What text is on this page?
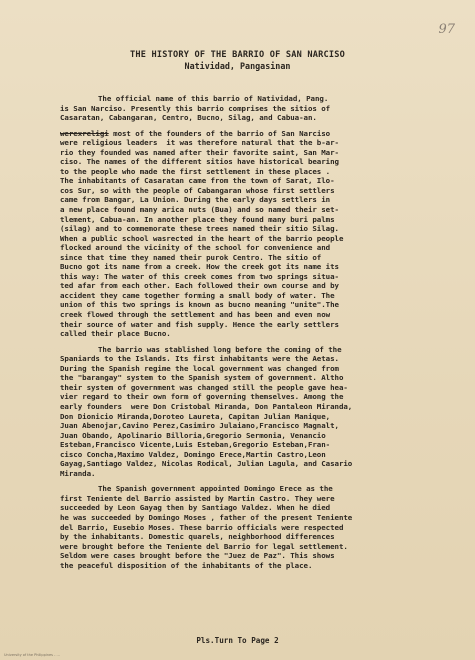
97
THE HISTORY OF THE BARRIO OF SAN NARCISO
Natividad, Pangasinan
The official name of this barrio of Natividad, Pang.
is San Narciso. Presently this barrio comprises the sitios of
Casaratan, Cabangaran, Centro, Bucno, Silag, and Cabua-an.
werexreligi most of the founders of the barrio of San Narciso
were religious leaders  it was therefore natural that the b-ar-
rio they founded was named after their favorite saint, San Mar-
ciso. The names of the different sitios have historical bearing
to the people who made the first settlement in these places .
The inhabitants of Casaratan came from the town of Sarat, Ilo-
cos Sur, so with the people of Cabangaran whose first settlers
came from Bangar, La Union. During the early days settlers in
a new place found many arica nuts (Bua) and so named their set-
tlement, Cabua-an. In another place they found many buri palms
(silag) and to commemorate these trees named their sitio Silag.
When a public school wasrected in the heart of the barrio people
flocked around the vicinity of the school for convenience and
since that time they named their purok Centro. The sitio of
Bucno got its name from a creek. How the creek got its name its
this way: The water of this creek comes from two springs situa-
ted afar from each other. Each followed their own course and by
accident they came together forming a small body of water. The
union of this two springs is known as bucno meaning "unite".The
creek flowed through the settlement and has been and even now
their source of water and fish supply. Hence the early settlers
called their place Bucno.
The barrio was stablished long before the coming of the
Spaniards to the Islands. Its first inhabitants were the Aetas.
During the Spanish regime the local government was changed from
the "barangay" system to the Spanish system of government. Altho
their system of government was changed still the people gave hea-
vier regard to their own form of governing themselves. Among the
early founders  were Don Cristobal Miranda, Don Pantaleon Miranda,
Don Dionicio Miranda,Doroteo Laureta, Capitan Julian Manique,
Juan Abenojar,Cavino Perez,Casimiro Julaiano,Francisco Magnalt,
Juan Obando, Apolinario Billoria,Gregorio Sermonia, Venancio
Esteban,Francisco Vicente,Luis Esteban,Gregorio Esteban,Fran-
cisco Concha,Maximo Valdez, Domingo Erece,Martin Castro,Leon
Gayag,Santiago Valdez, Nicolas Rodical, Julian Lagula, and Casario
Miranda.
The Spanish government appointed Domingo Erece as the
first Teniente del Barrio assisted by Martin Castro. They were
succeeded by Leon Gayag then by Santiago Valdez. When he died
he was succeeded by Domingo Moses , father of the present Teniente
del Barrio, Eusebio Moses. These barrio officials were respected
by the inhabitants. Domestic quarels, neighborhood differences
were brought before the Teniente del Barrio for legal settlement.
Seldom were cases brought before the "Juez de Paz". This shows
the peaceful disposition of the inhabitants of the place.
Pls.Turn To Page 2
University of the Philippines - ...
